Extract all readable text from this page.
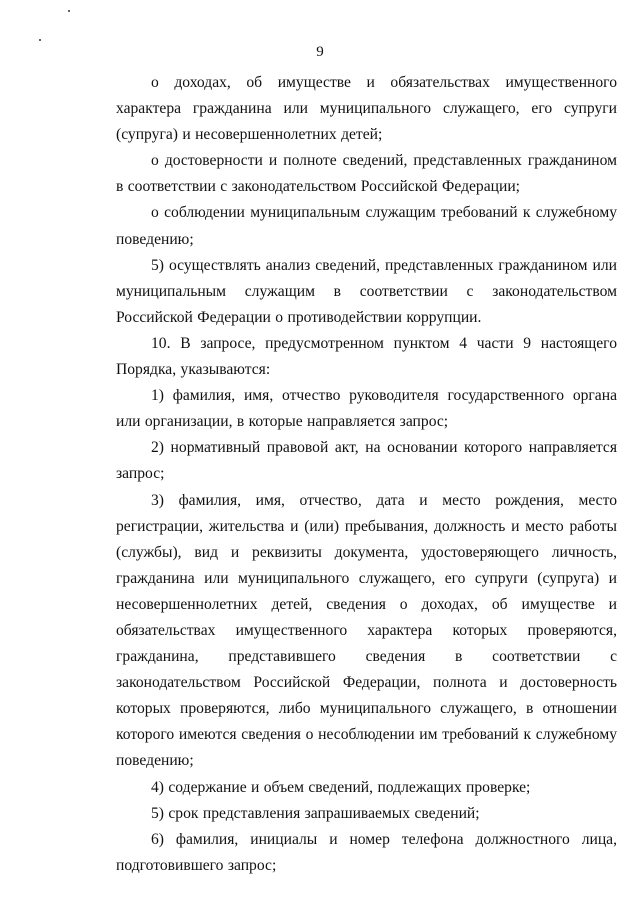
9

о доходах, об имуществе и обязательствах имущественного характера гражданина или муниципального служащего, его супруги (супруга) и несовершеннолетних детей;

о достоверности и полноте сведений, представленных гражданином в соответствии с законодательством Российской Федерации;

о соблюдении муниципальным служащим требований к служебному поведению;

5) осуществлять анализ сведений, представленных гражданином или муниципальным служащим в соответствии с законодательством Российской Федерации о противодействии коррупции.

10. В запросе, предусмотренном пунктом 4 части 9 настоящего Порядка, указываются:

1) фамилия, имя, отчество руководителя государственного органа или организации, в которые направляется запрос;

2) нормативный правовой акт, на основании которого направляется запрос;

3) фамилия, имя, отчество, дата и место рождения, место регистрации, жительства и (или) пребывания, должность и место работы (службы), вид и реквизиты документа, удостоверяющего личность, гражданина или муниципального служащего, его супруги (супруга) и несовершеннолетних детей, сведения о доходах, об имуществе и обязательствах имущественного характера которых проверяются, гражданина, представившего сведения в соответствии с законодательством Российской Федерации, полнота и достоверность которых проверяются, либо муниципального служащего, в отношении которого имеются сведения о несоблюдении им требований к служебному поведению;

4) содержание и объем сведений, подлежащих проверке;

5) срок представления запрашиваемых сведений;

6) фамилия, инициалы и номер телефона должностного лица, подготовившего запрос;
